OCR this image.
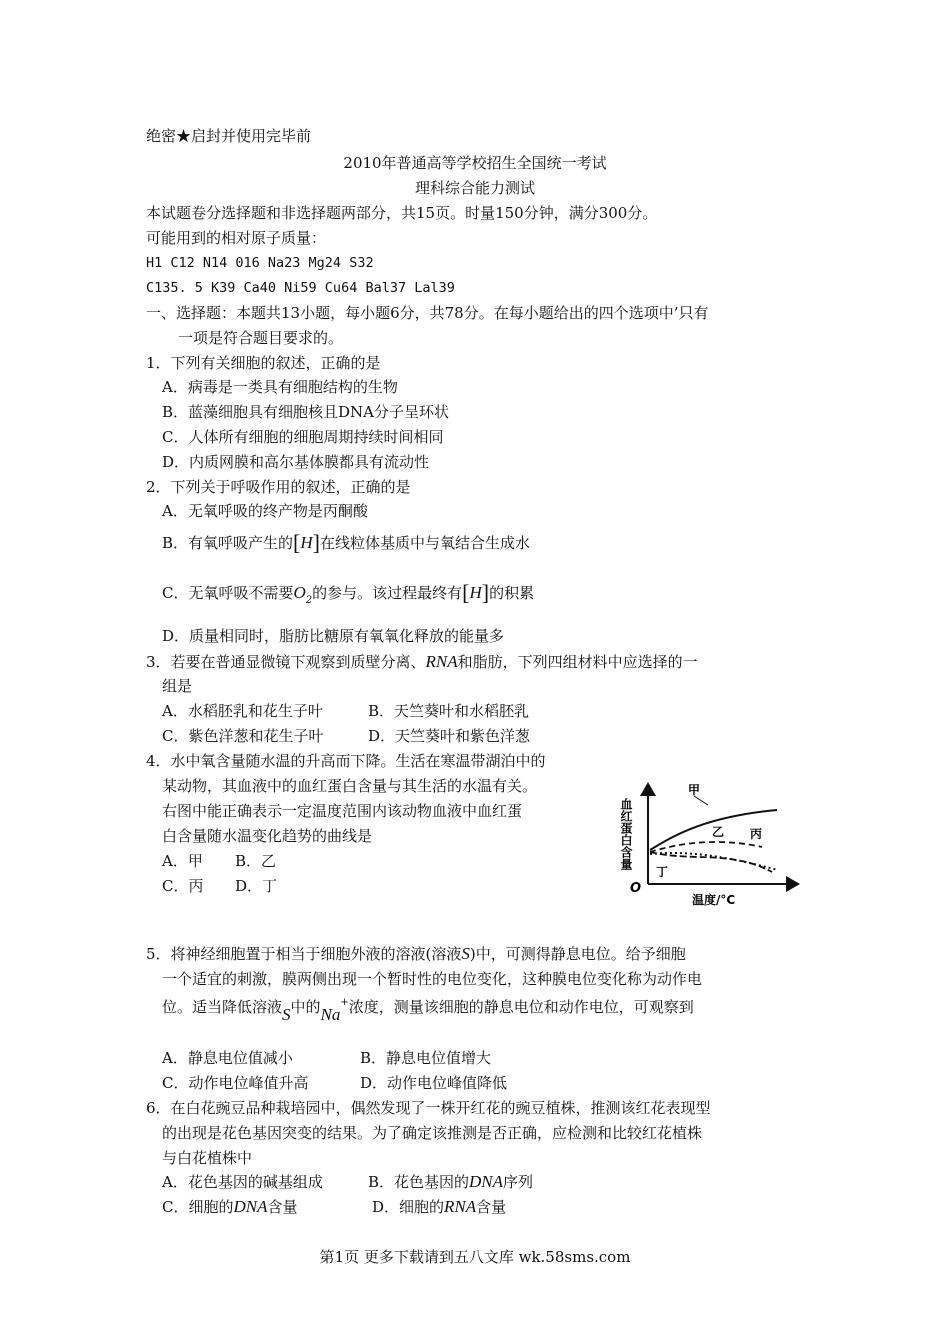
绝密★启封并使用完毕前
2010年普通高等学校招生全国统一考试
理科综合能力测试
本试题卷分选择题和非选择题两部分，共15页。时量150分钟，满分300分。
可能用到的相对原子质量：
H1 C12 N14 016 Na23 Mg24 S32
C135. 5 K39 Ca40 Ni59 Cu64 Bal37 Lal39
一、选择题：本题共13小题，每小题6分，共78分。在每小题给出的四个选项中’只有
一项是符合题目要求的。
1．下列有关细胞的叙述，正确的是
A．病毒是一类具有细胞结构的生物
B．蓝藻细胞具有细胞核且DNA分子呈环状
C．人体所有细胞的细胞周期持续时间相同
D．内质网膜和高尔基体膜都具有流动性
2．下列关于呼吸作用的叙述，正确的是
A．无氧呼吸的终产物是丙酮酸
B．有氧呼吸产生的[H]在线粒体基质中与氧结合生成水
C．无氧呼吸不需要$O_2$的参与。该过程最终有[H]的积累
D．质量相同时，脂肪比糖原有氧氧化释放的能量多
3．若要在普通显微镜下观察到质壁分离、RNA和脂肪，下列四组材料中应选择的一
组是
A．水稻胚乳和花生子叶	B．天竺葵叶和水稻胚乳
C．紫色洋葱和花生子叶	D．天竺葵叶和紫色洋葱
4．水中氧含量随水温的升高而下降。生活在寒温带湖泊中的
某动物，其血液中的血红蛋白含量与其生活的水温有关。
右图中能正确表示一定温度范围内该动物血液中血红蛋
白含量随水温变化趋势的曲线是
A．甲 B．乙
C．丙 D．丁
血红蛋白含量
温度/°C
O
甲
乙 丙
丁
5．将神经细胞置于相当于细胞外液的溶液(溶液S)中，可测得静息电位。给予细胞
一个适宜的刺激，膜两侧出现一个暂时性的电位变化，这种膜电位变化称为动作电
位。适当降低溶液S中的Na+浓度，测量该细胞的静息电位和动作电位，可观察到
A．静息电位值减小	B．静息电位值增大
C．动作电位峰值升高	D．动作电位峰值降低
6．在白花豌豆品种栽培园中，偶然发现了一株开红花的豌豆植株，推测该红花表现型
的出现是花色基因突变的结果。为了确定该推测是否正确，应检测和比较红花植株
与白花植株中
A．花色基因的碱基组成	B．花色基因的DNA序列
C．细胞的DNA含量	D．细胞的RNA含量
第1页 更多下载请到五八文库 wk.58sms.com
